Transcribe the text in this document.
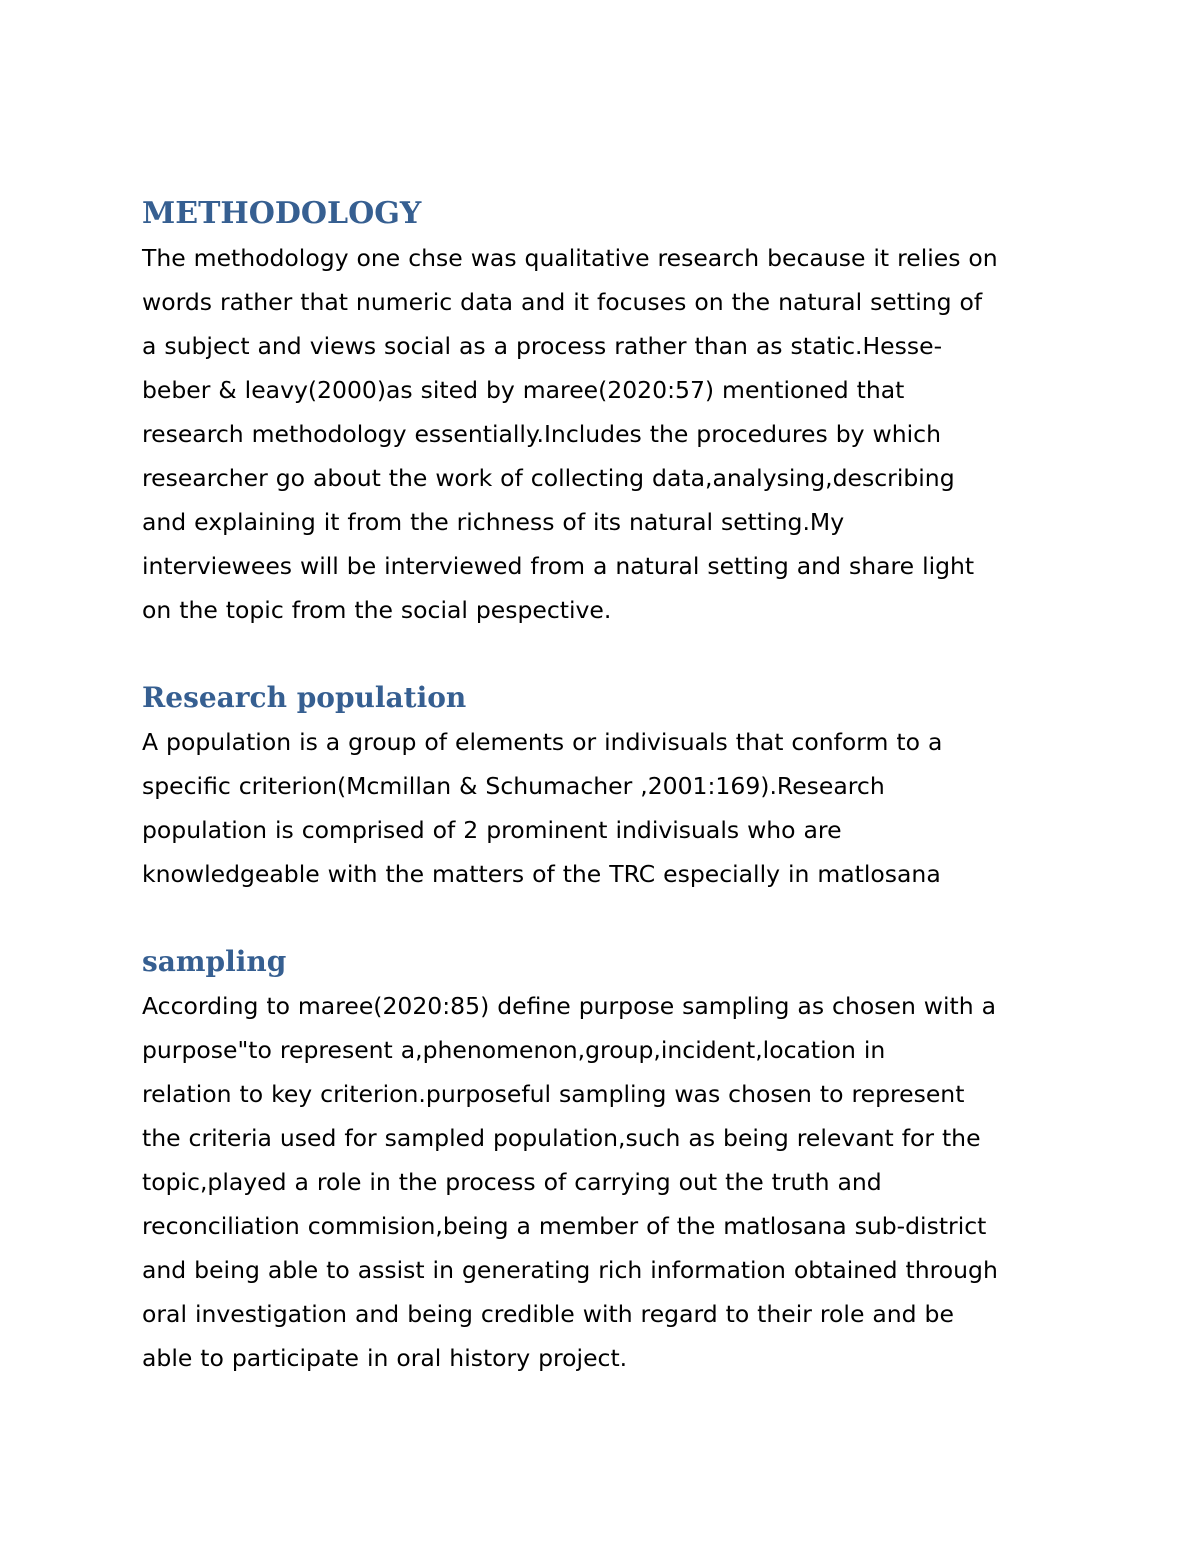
METHODOLOGY
The methodology one chse was qualitative research because it relies on
words rather that numeric data and it focuses on the natural setting of
a subject and views social as a process rather than as static.Hesse-
beber & leavy(2000)as sited by maree(2020:57) mentioned that
research methodology essentially.Includes the procedures by which
researcher go about the work of collecting data,analysing,describing
and explaining it from the richness of its natural setting.My
interviewees will be interviewed from a natural setting and share light
on the topic from the social pespective.
Research population
A population is a group of elements or indivisuals that conform to a
specific criterion(Mcmillan & Schumacher ,2001:169).Research
population is comprised of 2 prominent indivisuals who are
knowledgeable with the matters of the TRC especially in matlosana
sampling
According to maree(2020:85) define purpose sampling as chosen with a
purpose"to represent a,phenomenon,group,incident,location in
relation to key criterion.purposeful sampling was chosen to represent
the criteria used for sampled population,such as being relevant for the
topic,played a role in the process of carrying out the truth and
reconciliation commision,being a member of the matlosana sub-district
and being able to assist in generating rich information obtained through
oral investigation and being credible with regard to their role and be
able to participate in oral history project.
